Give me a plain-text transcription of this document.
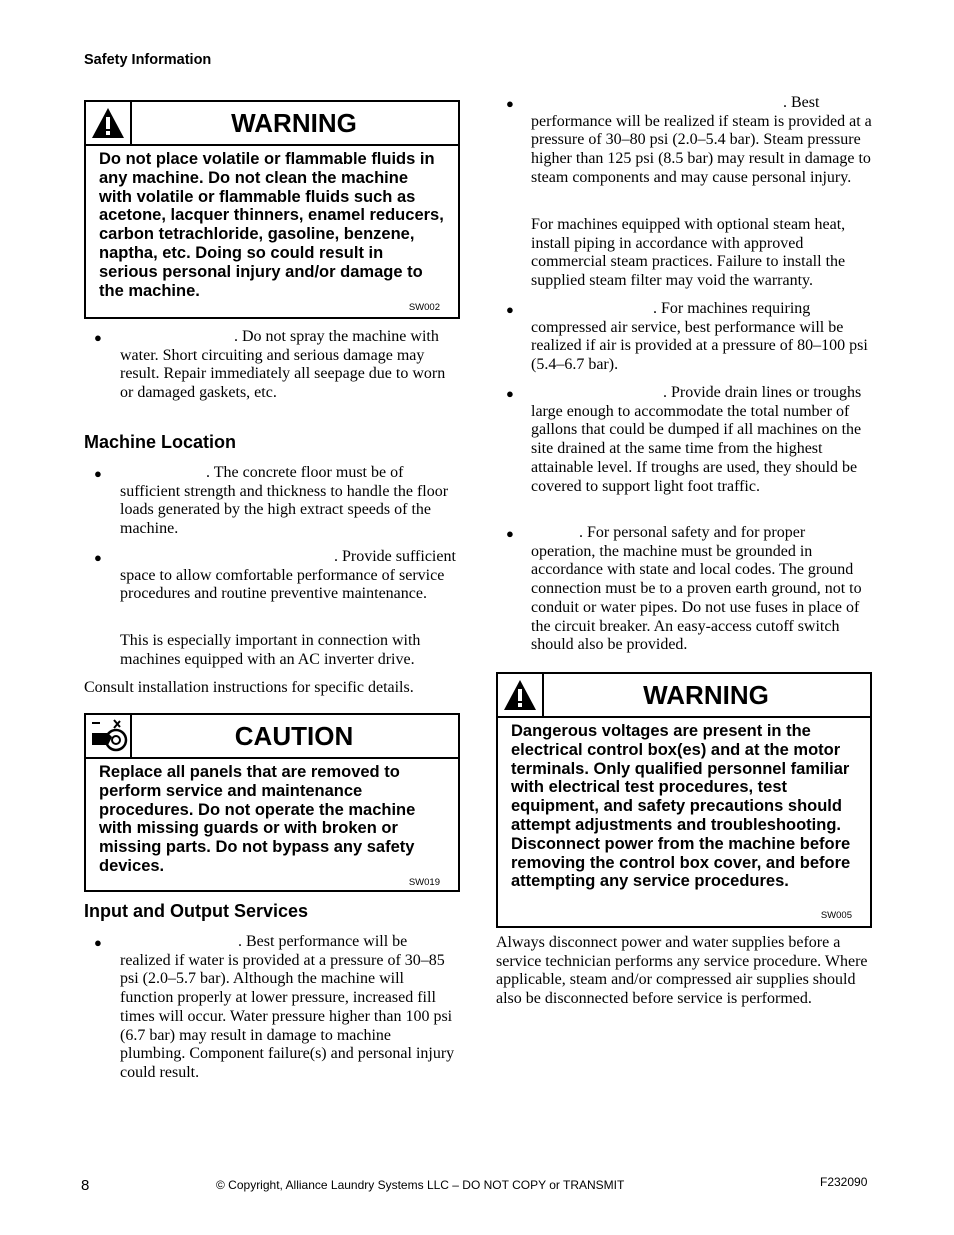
Safety Information
WARNING
Do not place volatile or flammable fluids in any machine. Do not clean the machine with volatile or flammable fluids such as acetone, lacquer thinners, enamel reducers, carbon tetrachloride, gasoline, benzene, naptha, etc. Doing so could result in serious personal injury and/or damage to the machine.
SW002
●	. Do not spray the machine with water. Short circuiting and serious damage may result. Repair immediately all seepage due to worn or damaged gaskets, etc.
Machine Location
●	. The concrete floor must be of sufficient strength and thickness to handle the floor loads generated by the high extract speeds of the machine.
●	. Provide sufficient space to allow comfortable performance of service procedures and routine preventive maintenance.
This is especially important in connection with machines equipped with an AC inverter drive.
Consult installation instructions for specific details.
CAUTION
Replace all panels that are removed to perform service and maintenance procedures. Do not operate the machine with missing guards or with broken or missing parts. Do not bypass any safety devices.
SW019
Input and Output Services
●	. Best performance will be realized if water is provided at a pressure of 30–85 psi (2.0–5.7 bar). Although the machine will function properly at lower pressure, increased fill times will occur. Water pressure higher than 100 psi (6.7 bar) may result in damage to machine plumbing. Component failure(s) and personal injury could result.
●	. Best performance will be realized if steam is provided at a pressure of 30–80 psi (2.0–5.4 bar). Steam pressure higher than 125 psi (8.5 bar) may result in damage to steam components and may cause personal injury.
For machines equipped with optional steam heat, install piping in accordance with approved commercial steam practices. Failure to install the supplied steam filter may void the warranty.
●	. For machines requiring compressed air service, best performance will be realized if air is provided at a pressure of 80–100 psi (5.4–6.7 bar).
●	. Provide drain lines or troughs large enough to accommodate the total number of gallons that could be dumped if all machines on the site drained at the same time from the highest attainable level. If troughs are used, they should be covered to support light foot traffic.
●	. For personal safety and for proper operation, the machine must be grounded in accordance with state and local codes. The ground connection must be to a proven earth ground, not to conduit or water pipes. Do not use fuses in place of the circuit breaker. An easy-access cutoff switch should also be provided.
WARNING
Dangerous voltages are present in the electrical control box(es) and at the motor terminals. Only qualified personnel familiar with electrical test procedures, test equipment, and safety precautions should attempt adjustments and troubleshooting. Disconnect power from the machine before removing the control box cover, and before attempting any service procedures.
SW005
Always disconnect power and water supplies before a service technician performs any service procedure. Where applicable, steam and/or compressed air supplies should also be disconnected before service is performed.
8	© Copyright, Alliance Laundry Systems LLC – DO NOT COPY or TRANSMIT	F232090
